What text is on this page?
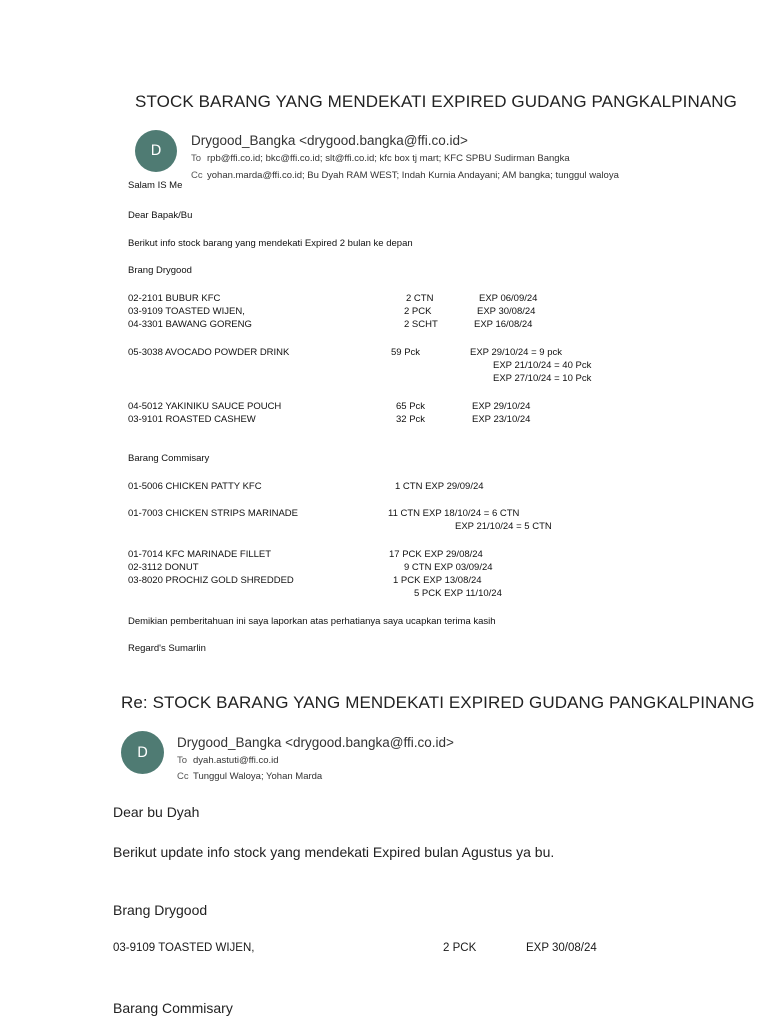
STOCK BARANG YANG MENDEKATI EXPIRED GUDANG PANGKALPINANG
D
Drygood_Bangka <drygood.bangka@ffi.co.id>
To rpb@ffi.co.id; bkc@ffi.co.id; slt@ffi.co.id; kfc box tj mart; KFC SPBU Sudirman Bangka
Cc yohan.marda@ffi.co.id; Bu Dyah RAM WEST; Indah Kurnia Andayani; AM bangka; tunggul waloya
Salam IS Me
Dear Bapak/Bu
Berikut info stock barang yang mendekati Expired 2 bulan ke depan
Brang Drygood
02-2101 BUBUR KFC	2 CTN	EXP 06/09/24
03-9109 TOASTED WIJEN,	2 PCK	EXP 30/08/24
04-3301 BAWANG GORENG	2 SCHT	EXP 16/08/24
05-3038 AVOCADO POWDER DRINK	59 Pck	EXP 29/10/24 = 9 pck
EXP 21/10/24 = 40 Pck
EXP 27/10/24 = 10 Pck
04-5012 YAKINIKU SAUCE POUCH	65 Pck	EXP 29/10/24
03-9101 ROASTED CASHEW	32 Pck	EXP 23/10/24
Barang Commisary
01-5006 CHICKEN PATTY KFC	1 CTN EXP 29/09/24
01-7003 CHICKEN STRIPS MARINADE	11 CTN EXP 18/10/24 = 6 CTN
EXP 21/10/24 = 5 CTN
01-7014 KFC MARINADE FILLET	17 PCK EXP 29/08/24
02-3112 DONUT	9 CTN EXP 03/09/24
03-8020 PROCHIZ GOLD SHREDDED	1 PCK EXP 13/08/24
5 PCK EXP 11/10/24
Demikian pemberitahuan ini saya laporkan atas perhatianya saya ucapkan terima kasih
Regard's Sumarlin
Re: STOCK BARANG YANG MENDEKATI EXPIRED GUDANG PANGKALPINANG
D
Drygood_Bangka <drygood.bangka@ffi.co.id>
To dyah.astuti@ffi.co.id
Cc Tunggul Waloya; Yohan Marda
Dear bu Dyah
Berikut update info stock yang mendekati Expired bulan Agustus ya bu.
Brang Drygood
03-9109 TOASTED WIJEN,	2 PCK	EXP 30/08/24
Barang Commisary
